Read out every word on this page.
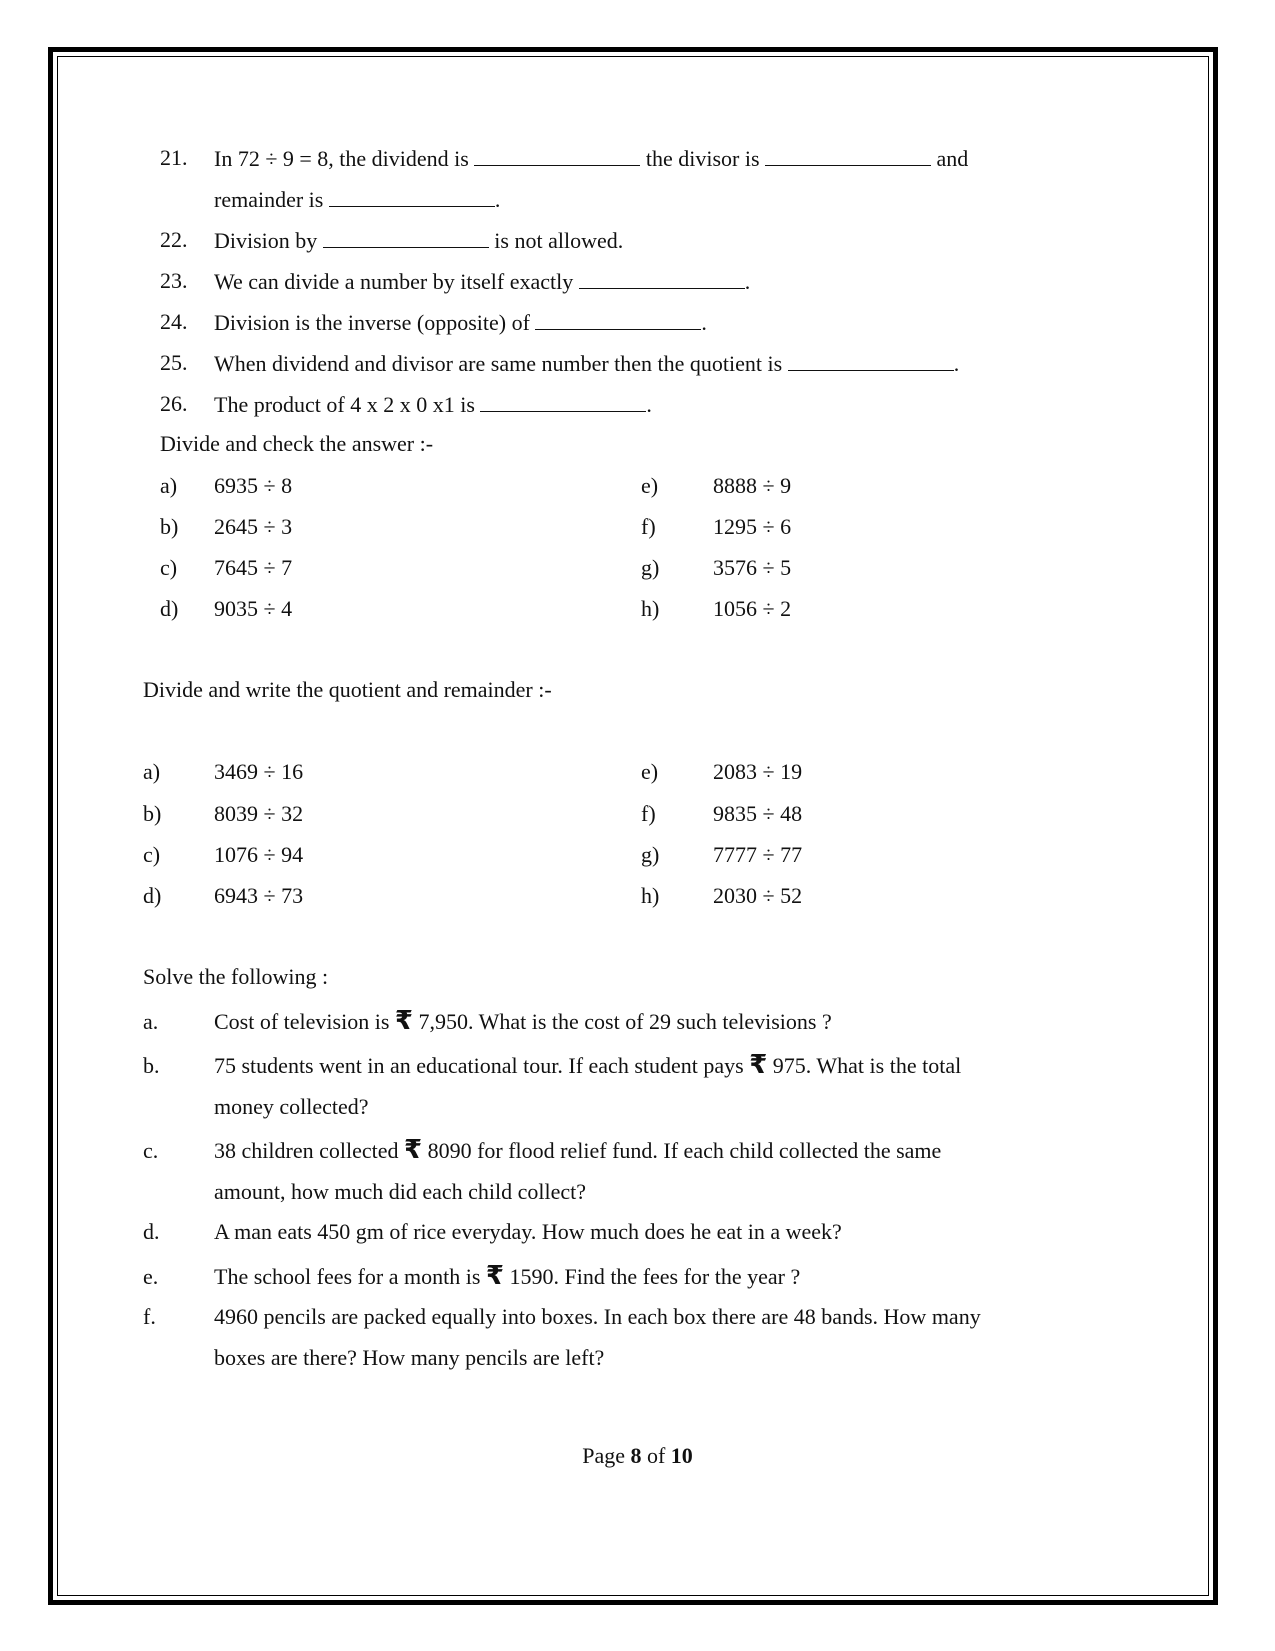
21. In 72 ÷ 9 = 8, the dividend is	the divisor is	and
remainder is	.
22. Division by	is not allowed.
23. We can divide a number by itself exactly	.
24. Division is the inverse (opposite) of	.
25. When dividend and divisor are same number then the quotient is	.
26. The product of 4 x 2 x 0 x1 is	.
Divide and check the answer :-
a) 6935 ÷ 8
b) 2645 ÷ 3
c) 7645 ÷ 7
d) 9035 ÷ 4
e) 8888 ÷ 9
f)	1295 ÷ 6
g) 3576 ÷ 5
h) 1056 ÷ 2
Divide and write the quotient and remainder :-
a) 3469 ÷ 16
b) 8039 ÷ 32
c) 1076 ÷ 94
d) 6943 ÷ 73
e) 2083 ÷ 19
f)	9835 ÷ 48
g) 7777 ÷ 77
h) 2030 ÷ 52
Solve the following :
a.	Cost of television is ₹ 7,950. What is the cost of 29 such televisions ?
b. 75 students went in an educational tour. If each student pays ₹ 975. What is the total
money collected?
c.	38 children collected ₹ 8090 for flood relief fund. If each child collected the same
amount, how much did each child collect?
d. A man eats 450 gm of rice everyday. How much does he eat in a week?
e.	The school fees for a month is ₹ 1590. Find the fees for the year ?
f.	4960 pencils are packed equally into boxes. In each box there are 48 bands. How many
boxes are there? How many pencils are left?
Page 8 of 10
